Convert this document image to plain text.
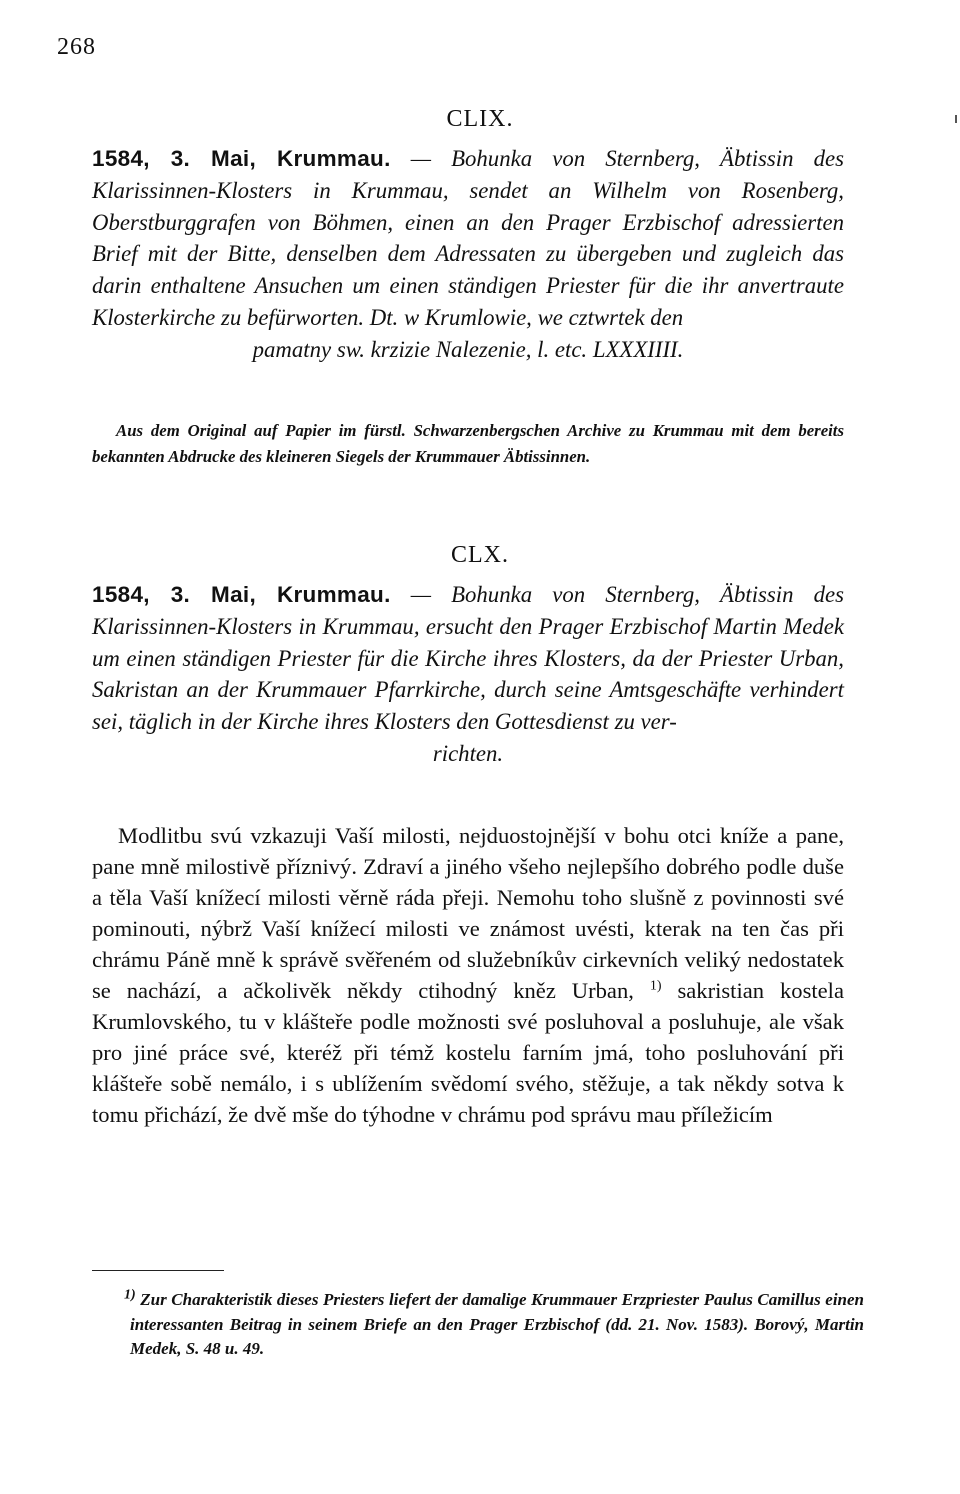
268
CLIX.
1584, 3. Mai, Krummau. — Bohunka von Sternberg, Äbtissin des Klarissinnen-Klosters in Krummau, sendet an Wilhelm von Rosenberg, Oberstburggrafen von Böhmen, einen an den Prager Erzbischof adressierten Brief mit der Bitte, denselben dem Adressaten zu übergeben und zugleich das darin enthaltene Ansuchen um einen ständigen Priester für die ihr anvertraute Klosterkirche zu befürworten. Dt. w Krumlowie, we cztwrtek den
pamatny sw. krzizie Nalezenie, l. etc. LXXXIIII.
Aus dem Original auf Papier im fürstl. Schwarzenbergschen Archive zu Krummau mit dem bereits bekannten Abdrucke des kleineren Siegels der Krummauer Äbtissinnen.
CLX.
1584, 3. Mai, Krummau. — Bohunka von Sternberg, Äbtissin des Klarissinnen-Klosters in Krummau, ersucht den Prager Erzbischof Martin Medek um einen ständigen Priester für die Kirche ihres Klosters, da der Priester Urban, Sakristan an der Krummauer Pfarrkirche, durch seine Amtsgeschäfte verhindert sei, täglich in der Kirche ihres Klosters den Gottesdienst zu ver-
richten.
Modlitbu svú vzkazuji Vaší milosti, nejduostojnější v bohu otci kníže a pane, pane mně milostivě příznivý. Zdraví a jiného všeho nejlepšího dobrého podle duše a těla Vaší knížecí milosti věrně ráda přeji. Nemohu toho slušně z povinnosti své pominouti, nýbrž Vaší knížecí milosti ve známost uvésti, kterak na ten čas při chrámu Páně mně k správě svěřeném od služebníkův cirkevních veliký nedostatek se nachází, a ačkolivěk někdy ctihodný kněz Urban, $^{1)}$ sakristian kostela Krumlovského, tu v klášteře podle možnosti své posluhoval a posluhuje, ale však pro jiné práce své, kteréž při témž kostelu farním jmá, toho posluhování při klášteře sobě nemálo, i s ublížením svědomí svého, stěžuje, a tak někdy sotva k tomu přichází, že dvě mše do týhodne v chrámu pod správu mau příležicím
$^{1)}$ Zur Charakteristik dieses Priesters liefert der damalige Krummauer Erzpriester Paulus Camillus einen interessanten Beitrag in seinem Briefe an den Prager Erzbischof (dd. 21. Nov. 1583). Borový, Martin Medek, S. 48 u. 49.
